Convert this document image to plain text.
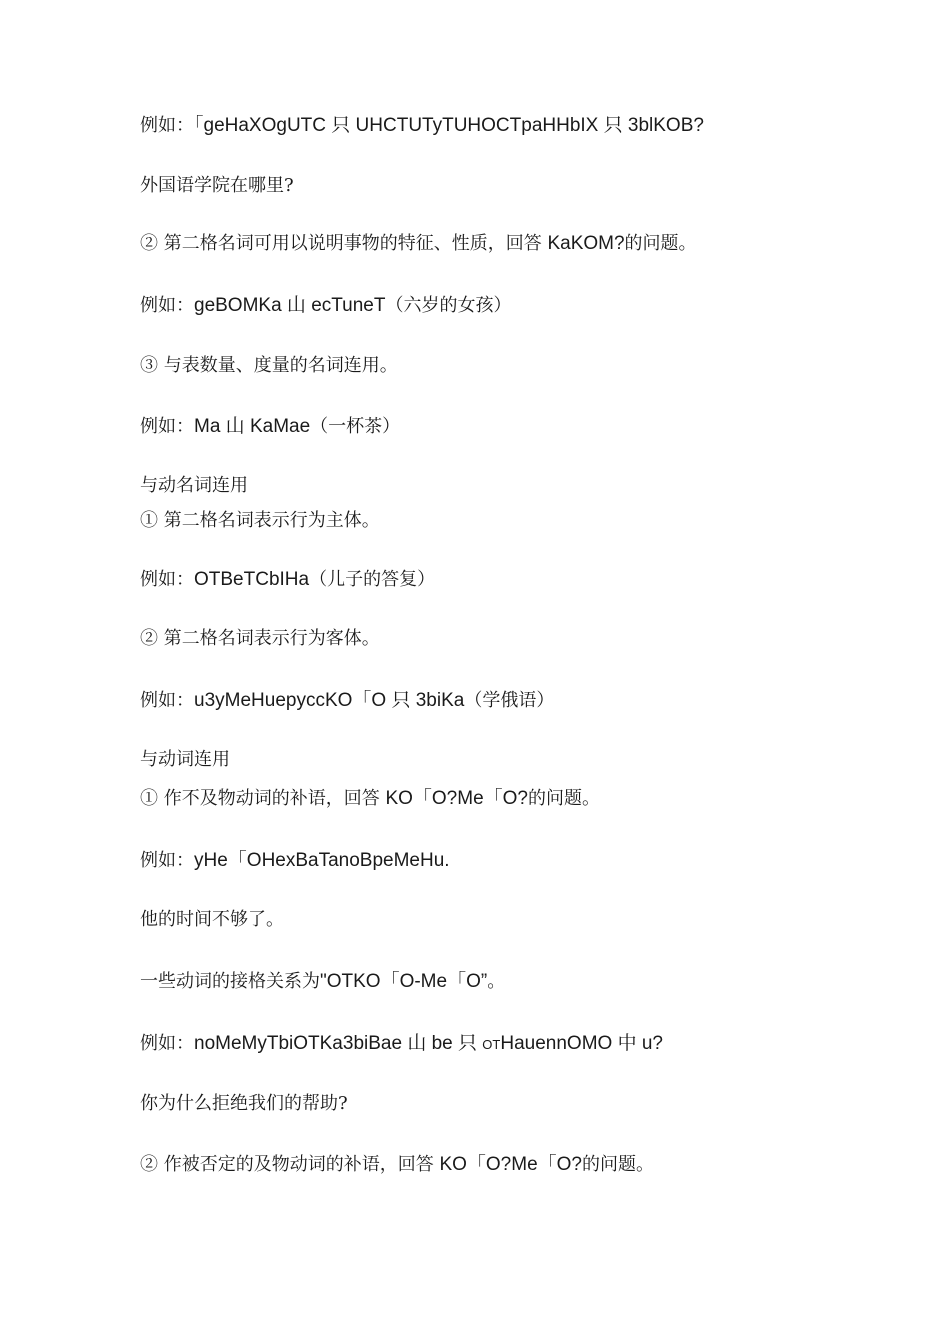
例如：「geHaXOgUTC 只 UHCTUTyTUHOCTpaHHbIX 只 3blKOB?
外国语学院在哪里?
② 第二格名词可用以说明事物的特征、性质，回答 KaKOM?的问题。
例如：geBOMKa 山 ecTuneT（六岁的女孩）
③ 与表数量、度量的名词连用。
例如：Ma 山 KaMae（一杯茶）
与动名词连用
① 第二格名词表示行为主体。
例如：OTBeTCbIHa（儿子的答复）
② 第二格名词表示行为客体。
例如：u3yMeHuepyccKO「O 只 3biKa（学俄语）
与动词连用
① 作不及物动词的补语，回答 KO「O?Me「O?的问题。
例如：yHe「OHexBaTanoBpeMeHu.
他的时间不够了。
一些动词的接格关系为"OTKO「O-Me「O”。
例如：noMeMyTbiOTKa3biBae 山 be 只 OTHauennOMO 中 u?
你为什么拒绝我们的帮助?
② 作被否定的及物动词的补语，回答 KO「O?Me「O?的问题。
